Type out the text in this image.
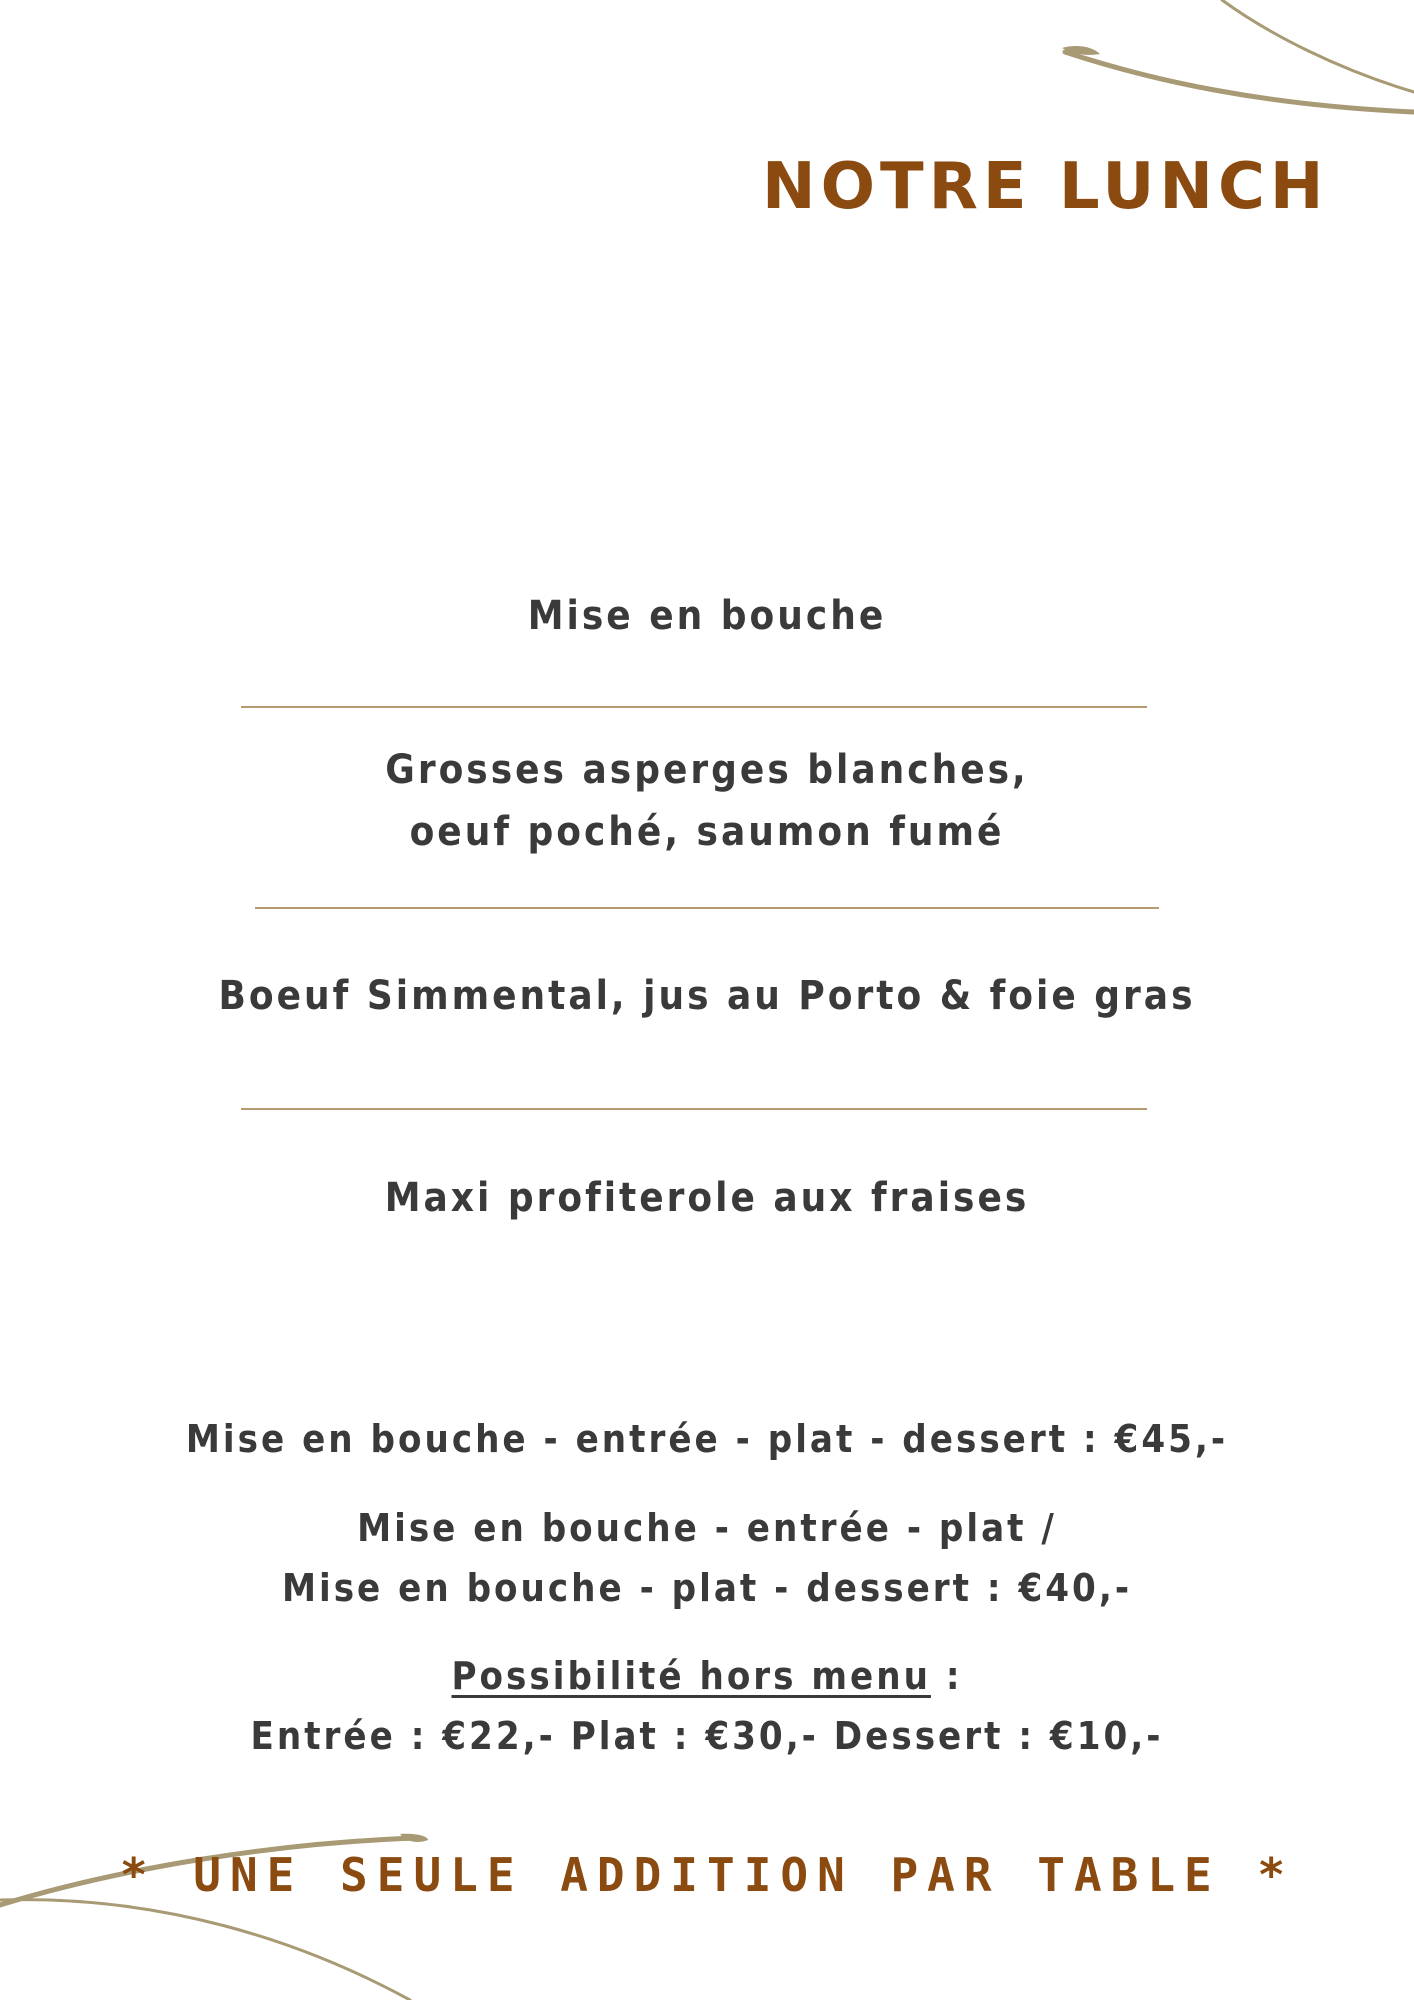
NOTRE LUNCH
Mise en bouche
Grosses asperges blanches,
oeuf poché, saumon fumé
Boeuf Simmental, jus au Porto & foie gras
Maxi profiterole aux fraises
Mise en bouche - entrée - plat - dessert : €45,-
Mise en bouche - entrée - plat /
Mise en bouche - plat - dessert : €40,-
Possibilité hors menu :
Entrée : €22,- Plat : €30,- Dessert : €10,-
* UNE SEULE ADDITION PAR TABLE *
